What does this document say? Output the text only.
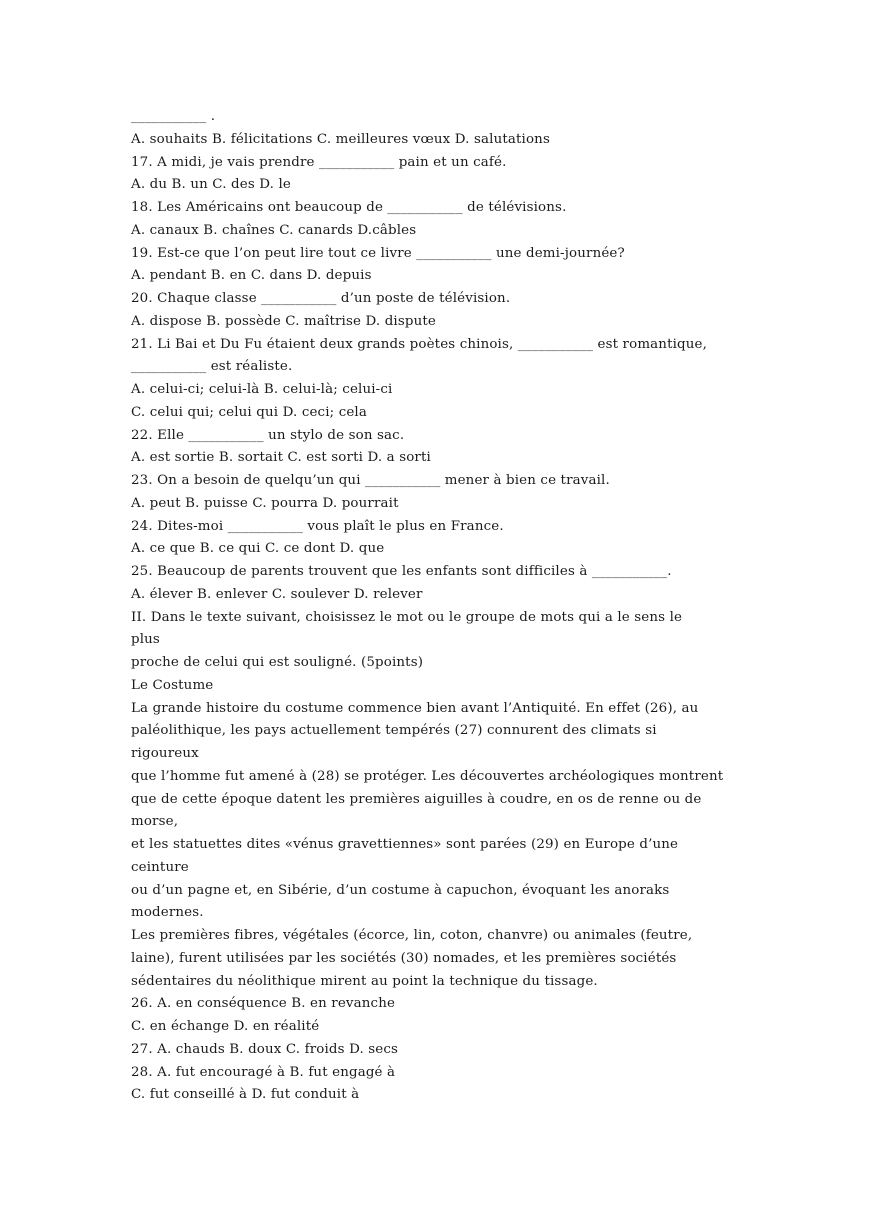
___________ .
A. souhaits B. félicitations C. meilleures vœux D. salutations
17. A midi, je vais prendre ___________ pain et un café.
A. du B. un C. des D. le
18. Les Américains ont beaucoup de ___________ de télévisions.
A. canaux B. chaînes C. canards D.câbles
19. Est-ce que l’on peut lire tout ce livre ___________ une demi-journée?
A. pendant B. en C. dans D. depuis
20. Chaque classe ___________ d’un poste de télévision.
A. dispose B. possède C. maîtrise D. dispute
21. Li Bai et Du Fu étaient deux grands poètes chinois, ___________ est romantique,
___________ est réaliste.
A. celui-ci; celui-là B. celui-là; celui-ci
C. celui qui; celui qui D. ceci; cela
22. Elle ___________ un stylo de son sac.
A. est sortie B. sortait C. est sorti D. a sorti
23. On a besoin de quelqu’un qui ___________ mener à bien ce travail.
A. peut B. puisse C. pourra D. pourrait
24. Dites-moi ___________ vous plaît le plus en France.
A. ce que B. ce qui C. ce dont D. que
25. Beaucoup de parents trouvent que les enfants sont difficiles à ___________.
A. élever B. enlever C. soulever D. relever
II. Dans le texte suivant, choisissez le mot ou le groupe de mots qui a le sens le
plus
proche de celui qui est souligné. (5points)
Le Costume
La grande histoire du costume commence bien avant l’Antiquité. En effet (26), au
paléolithique, les pays actuellement tempérés (27) connurent des climats si
rigoureux
que l’homme fut amené à (28) se protéger. Les découvertes archéologiques montrent
que de cette époque datent les premières aiguilles à coudre, en os de renne ou de
morse,
et les statuettes dites «vénus gravettiennes» sont parées (29) en Europe d’une
ceinture
ou d’un pagne et, en Sibérie, d’un costume à capuchon, évoquant les anoraks
modernes.
Les premières fibres, végétales (écorce, lin, coton, chanvre) ou animales (feutre,
laine), furent utilisées par les sociétés (30) nomades, et les premières sociétés
sédentaires du néolithique mirent au point la technique du tissage.
26. A. en conséquence B. en revanche
C. en échange D. en réalité
27. A. chauds B. doux C. froids D. secs
28. A. fut encouragé à B. fut engagé à
C. fut conseillé à D. fut conduit à
